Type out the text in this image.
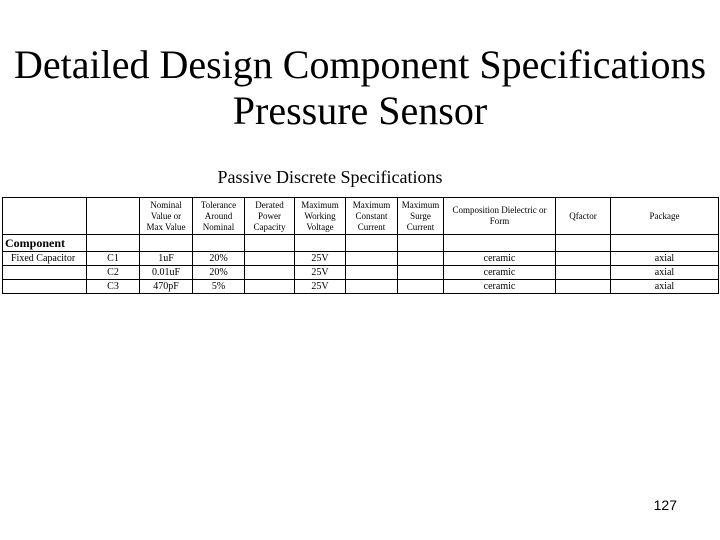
Detailed Design Component Specifications
Pressure Sensor
Passive Discrete Specifications
		Nominal Value or Max Value	Tolerance Around Nominal	Derated Power Capacity	Maximum Working Voltage	Maximum Constant Current	Maximum Surge Current	Composition Dielectric or Form	Qfactor	Package
Component										
Fixed Capacitor	C1	1uF	20%		25V			ceramic		axial
	C2	0.01uF	20%		25V			ceramic		axial
	C3	470pF	5%		25V			ceramic		axial
127
